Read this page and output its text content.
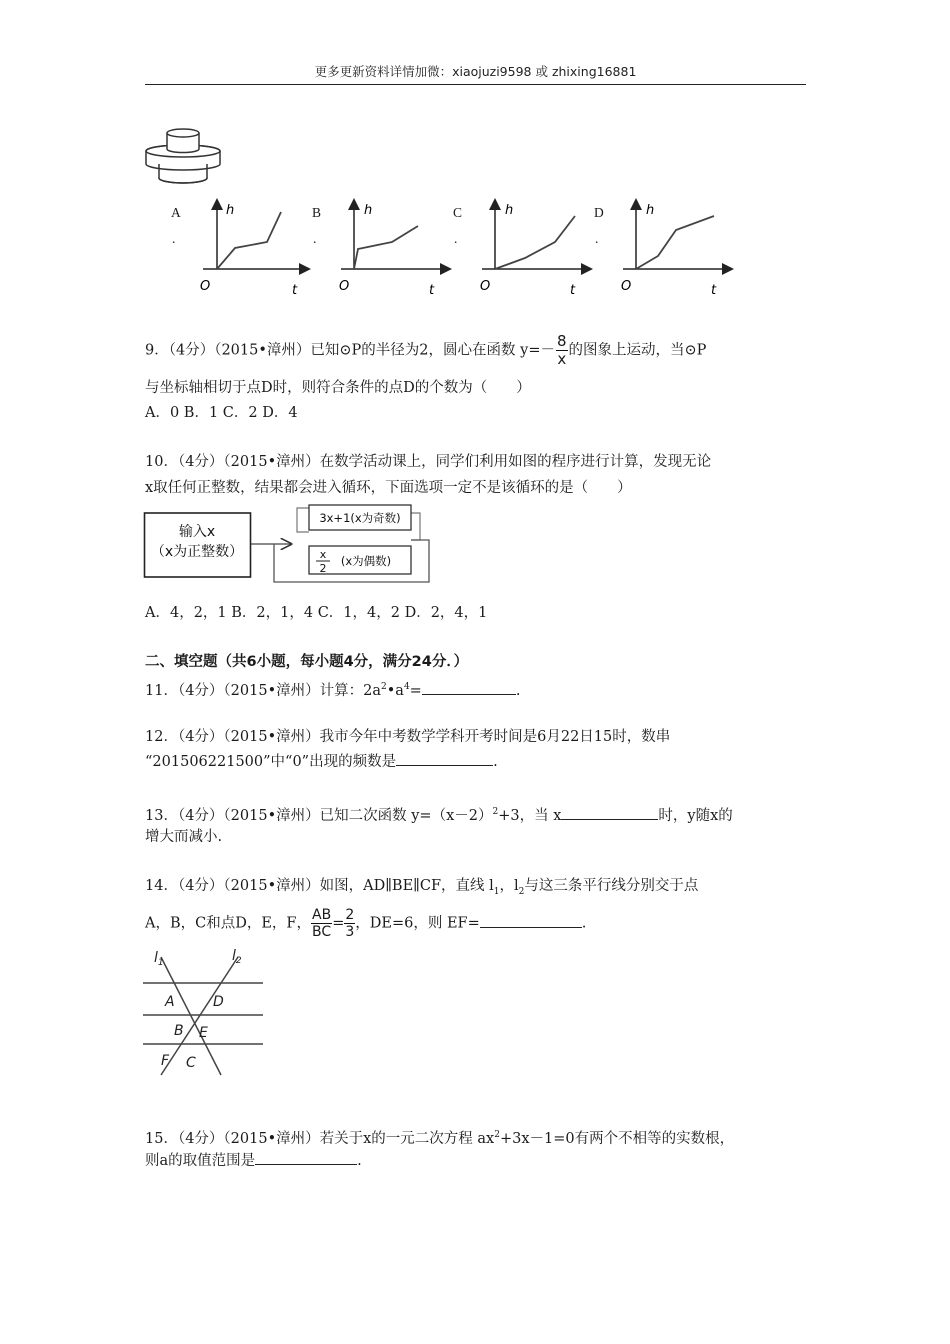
更多更新资料详情加微：xiaojuzi9598 或 zhixing16881
A
.
B
.
C
.
D
.
h
O	t
h
O	t
h
O	t
h
O	t
9．（4分）（2015•漳州）已知⊙P的半径为2，圆心在函数 $y=- \frac{8}{x}$ 的图象上运动，当⊙P
与坐标轴相切于点D时，则符合条件的点D的个数为（　　）
A．0 B．1 C．2 D．4
10．（4分）（2015•漳州）在数学活动课上，同学们利用如图的程序进行计算，发现无论
x取任何正整数，结果都会进入循环，下面选项一定不是该循环的是（　　）
输入x
（x为正整数）
3x+1(x为奇数)
x
2
(x为偶数)
A．4，2，1 B．2，1，4 C．1，4，2 D．2，4，1
二、填空题（共6小题，每小题4分，满分24分．）
11．（4分）（2015•漳州）计算：$2a^2•a^4=$	.
12．（4分）（2015•漳州）我市今年中考数学学科开考时间是6月22日15时，数串
“201506221500”中“0”出现的频数是	.
13．（4分）（2015•漳州）已知二次函数 $y=(x-2)^2+3$，当 x	时，y随x的
增大而减小.
14．（4分）（2015•漳州）如图，AD∥BE∥CF，直线 $l_1$，$l_2$与这三条平行线分别交于点
A，B，C和点D，E，F， $\frac{AB}{BC} = \frac{2}{3}$ ，DE=6，则 EF=	.
$l_1$	$l_2$
A	D
B E
F C
15．（4分）（2015•漳州）若关于x的一元二次方程 $ax^2+3x-1=0$有两个不相等的实数根，
则a的取值范围是	.
